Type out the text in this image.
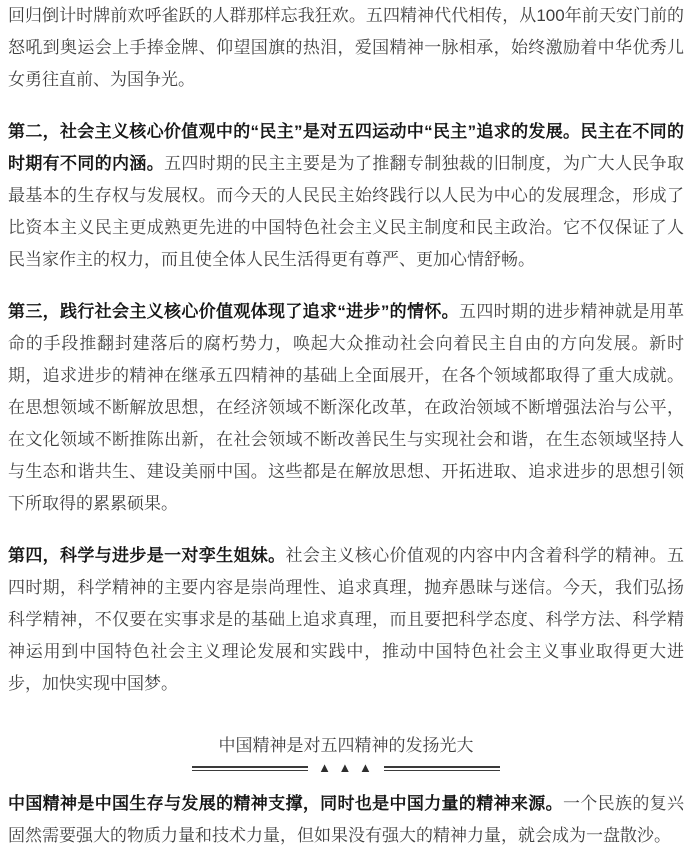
回归倒计时牌前欢呼雀跃的人群那样忘我狂欢。五四精神代代相传，从100年前天安门前的怒吼到奥运会上手捧金牌、仰望国旗的热泪，爱国精神一脉相承，始终激励着中华优秀儿女勇往直前、为国争光。

第二，社会主义核心价值观中的“民主”是对五四运动中“民主”追求的发展。民主在不同的时期有不同的内涵。五四时期的民主主要是为了推翻专制独裁的旧制度，为广大人民争取最基本的生存权与发展权。而今天的人民民主始终践行以人民为中心的发展理念，形成了比资本主义民主更成熟更先进的中国特色社会主义民主制度和民主政治。它不仅保证了人民当家作主的权力，而且使全体人民生活得更有尊严、更加心情舒畅。

第三，践行社会主义核心价值观体现了追求“进步”的情怀。五四时期的进步精神就是用革命的手段推翻封建落后的腐朽势力，唤起大众推动社会向着民主自由的方向发展。新时期，追求进步的精神在继承五四精神的基础上全面展开，在各个领域都取得了重大成就。在思想领域不断解放思想，在经济领域不断深化改革，在政治领域不断增强法治与公平，在文化领域不断推陈出新，在社会领域不断改善民生与实现社会和谐，在生态领域坚持人与生态和谐共生、建设美丽中国。这些都是在解放思想、开拓进取、追求进步的思想引领下所取得的累累硕果。

第四，科学与进步是一对孪生姐妹。社会主义核心价值观的内容中内含着科学的精神。五四时期，科学精神的主要内容是崇尚理性、追求真理，抛弃愚昧与迷信。今天，我们弘扬科学精神，不仅要在实事求是的基础上追求真理，而且要把科学态度、科学方法、科学精神运用到中国特色社会主义理论发展和实践中，推动中国特色社会主义事业取得更大进步，加快实现中国梦。

中国精神是对五四精神的发扬光大
▲ ▲ ▲

中国精神是中国生存与发展的精神支撑，同时也是中国力量的精神来源。一个民族的复兴固然需要强大的物质力量和技术力量，但如果没有强大的精神力量，就会成为一盘散沙。
